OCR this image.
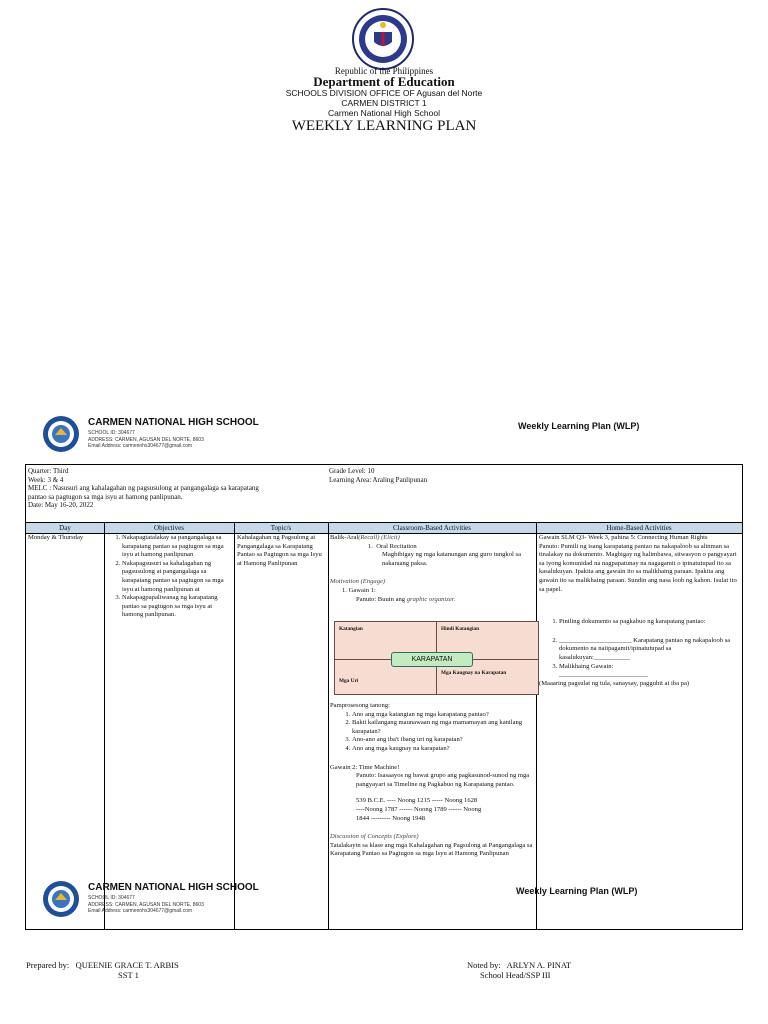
Republic of the Philippines
Department of Education
SCHOOLS DIVISION OFFICE OF Agusan del Norte
CARMEN DISTRICT 1
Carmen National High School
WEEKLY LEARNING PLAN
CARMEN NATIONAL HIGH SCHOOL
SCHOOL ID: 304677
ADDRESS: CARMEN, AGUSAN DEL NORTE, 8603
Email Address: carmennhs304677@gmail.com
Weekly Learning Plan (WLP)
Quarter: Third
Week: 3 & 4
MELC : Nasusuri ang kahalagahan ng pagsusulong at pangangalaga sa karapatang
pantao sa pagtugon sa mga isyu at hamong panlipunan.
Date: May 16-20, 2022
Grade Level: 10
Learning Area: Araling Panlipunan
Day	Objectives	Topic/s	Classroom-Based Activities	Home-Based Activities
Monday & Thursday
1.	Nakapagtatalakay sa pangangalaga sa karapatang pantao sa pagtugon sa mga isyu at hamong panlipunan
2. Nakapagsusuri sa kahalagahan ng pagsusulong at pangangalaga sa karapatang pantao sa pagtugon sa mga isyu at hamong panlipunan at
3. Nakapagpapaliwanag ng karapatang pantao sa pagtugon sa mga isyu at hamong panlipunan.
Kahalagahan ng Pagsulong at Pangangalaga sa Karapatang Pantao sa Pagtugon sa mga Isyu at Hamong Panlipunan

Balik-Aral(Recall) (Elicit)

1. Oral Recitation

Magbibigay ng mga katanungan ang guro tungkol sa nakaraang paksa.

Motivation (Engage)

1. Gawain 1:

Panuto: Buuin ang graphic organizer.

Katangian	Hindi Katangian
Mga Kaugnay na Karapatan
Mga Uri
KARAPATAN

Pamprosesong tanong:

1. Ano ang mga katangian ng mga karapatang pantao?
2. Bakit kailangang maunawaan ng mga mamamayan ang kanilang karapatan?
3. Ano-ano ang iba't ibang uri ng karapatan?
4. Ano ang mga kaugnay na karapatan?

Gawain 2: Time Machine!

Panuto: Isasaayos ng bawat grupo ang pagkasunod-sunod ng mga pangyayari sa Timeline ng Pagkabuo ng Karapatang pantao.

539 B.C.E. ---- Noong 1215 ----- Noong 1628

----Noong 1787 ------ Noong 1789 ------ Noong

1844 --------- Noong 1948

Discussion of Concepts (Explore)

Tatalakayin sa klase ang mga Kahalagahan ng Pagsulong at Pangangalaga sa Karapatang Pantao sa Pagtugon sa mga Isyu at Hamong Panlipunan

Gawain SLM Q3- Week 3, pahina 5: Connecting Human Rights

Panuto: Pumili ng isang karapatang pantao na nakapaloob sa alinman sa tinalakay na dokumento. Magbigay ng halimbawa, sitwasyon o pangyayari sa iyong komunidad na nagpapatunay na nagagamit o ipinatutupad ito sa kasalukuyan. Ipakita ang gawain ito sa malikhaing paraan. Ipakita ang gawain ito sa malikhaing paraan. Sundin ang nasa loob ng kahon. Isulat ito sa papel.

1. Piniling dokumento sa pagkabuo ng karapatang pantao:
2. ______________________ Karapatang pantao ng nakapaloob sa dokumento na naiipagamit/ipinatutupad sa kasalukuyan:___________
3. Malikhaing Gawain:

___________________________

(Maaaring pagsulat ng tula, sanaysay, pagguhit at iba pa)

CARMEN NATIONAL HIGH SCHOOL
SCHOOL ID: 304677
ADDRESS: CARMEN, AGUSAN DEL NORTE, 8603
Email Address: carmennhs304677@gmail.com
Weekly Learning Plan (WLP)
Prepared by: QUEENIE GRACE T. ARBIS
SST 1
Noted by: ARLYN A. PINAT
School Head/SSP III
